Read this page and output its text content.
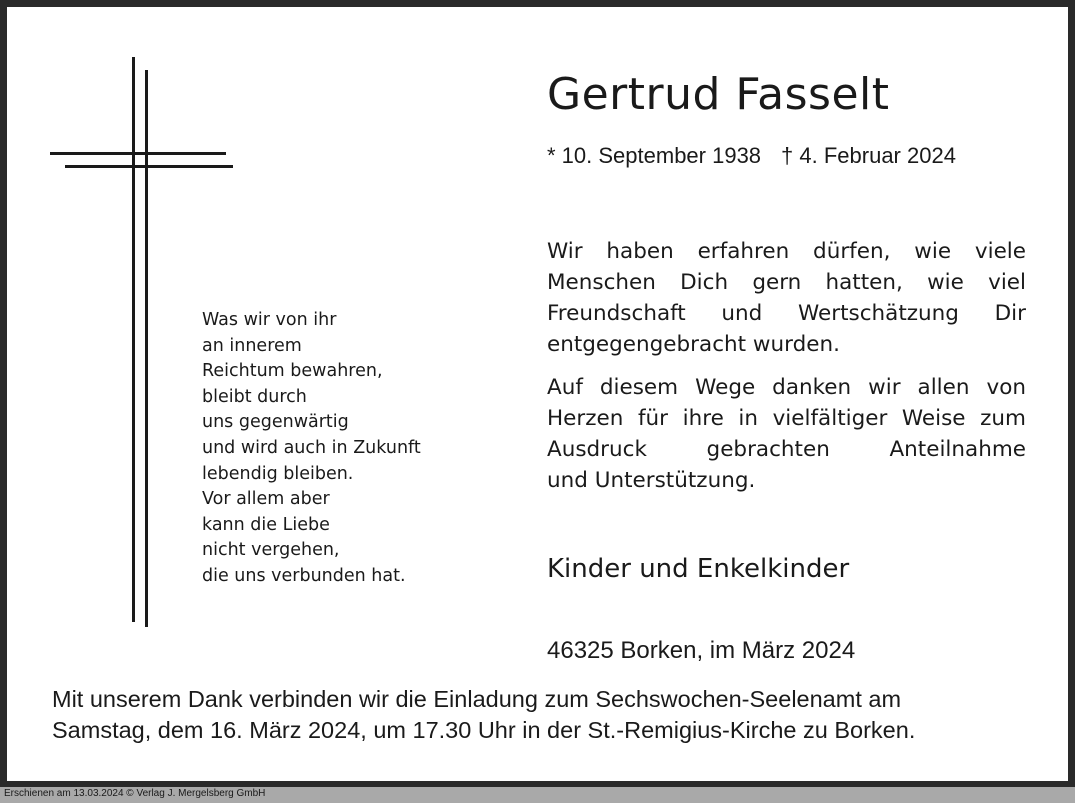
Was wir von ihr
an innerem
Reichtum bewahren,
bleibt durch
uns gegenwärtig
und wird auch in Zukunft
lebendig bleiben.
Vor allem aber
kann die Liebe
nicht vergehen,
die uns verbunden hat.
Gertrud Fasselt
* 10. September 1938 † 4. Februar 2024
Wir haben erfahren dürfen, wie viele
Menschen Dich gern hatten, wie viel
Freundschaft und Wertschätzung Dir
entgegengebracht wurden.
Auf diesem Wege danken wir allen von
Herzen für ihre in vielfältiger Weise zum
Ausdruck gebrachten Anteilnahme
und Unterstützung.
Kinder und Enkelkinder
46325 Borken, im März 2024
Mit unserem Dank verbinden wir die Einladung zum Sechswochen-Seelenamt am
Samstag, dem 16. März 2024, um 17.30 Uhr in der St.-Remigius-Kirche zu Borken.
Erschienen am 13.03.2024 © Verlag J. Mergelsberg GmbH
